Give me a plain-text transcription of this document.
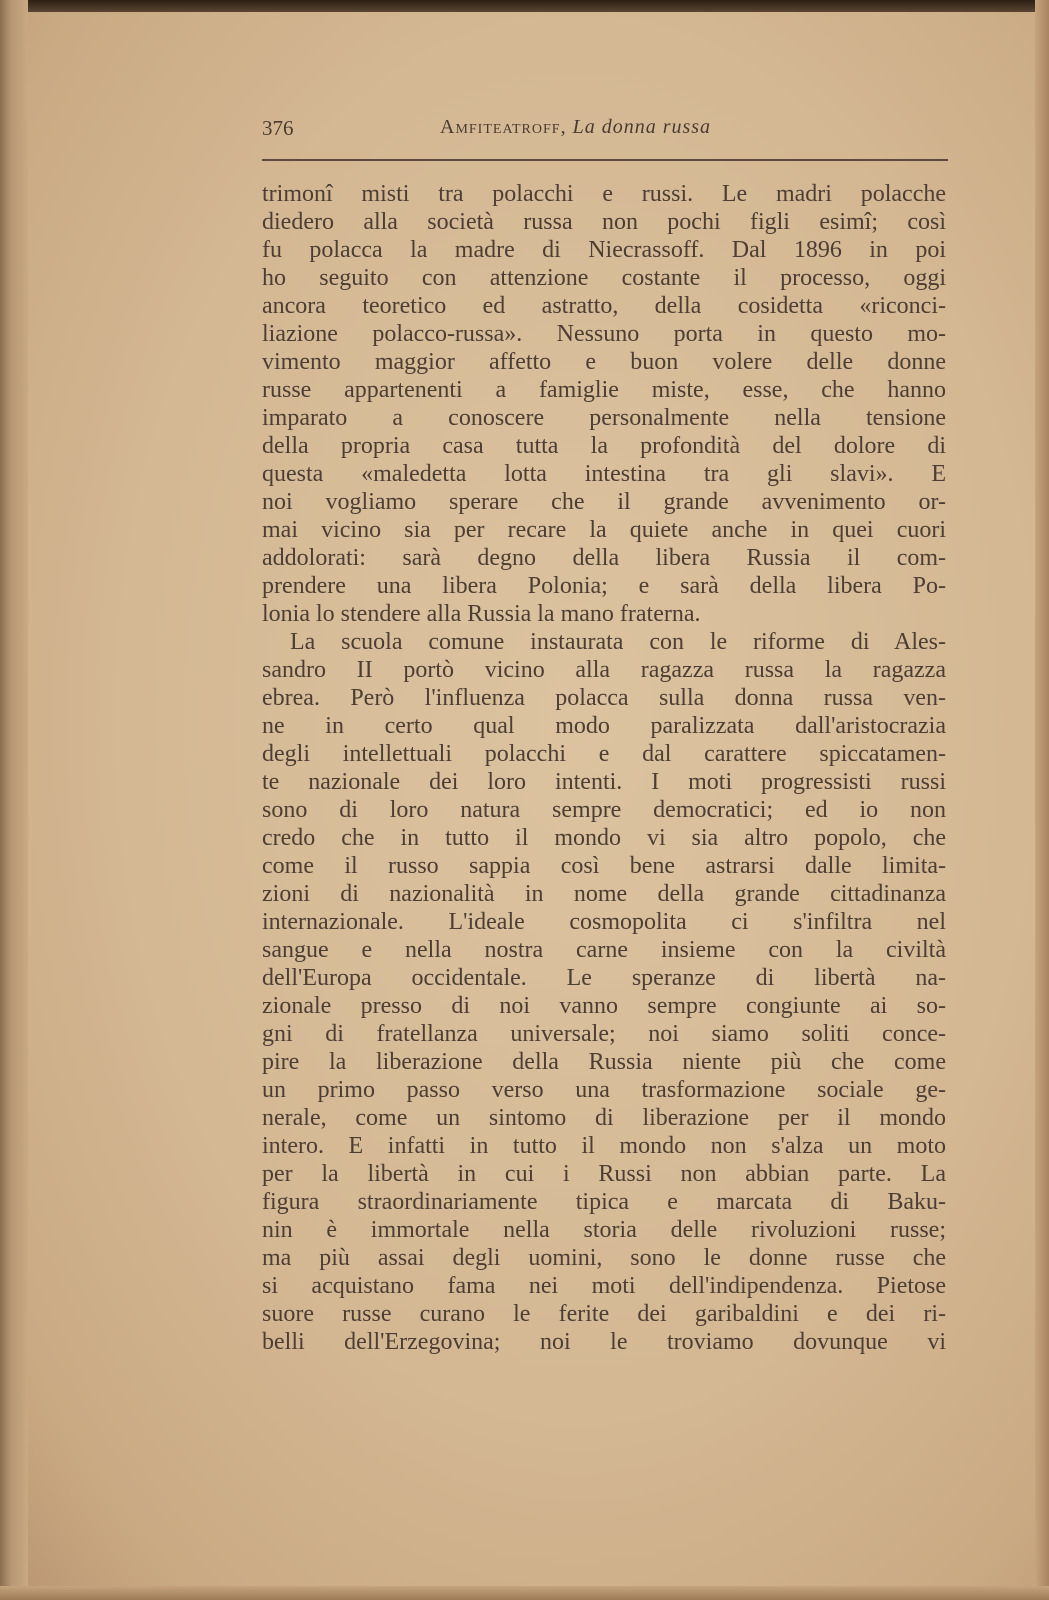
376	Amfiteatroff, La donna russa
trimonî misti tra polacchi e russi. Le madri polacche
diedero alla società russa non pochi figli esimî; così
fu polacca la madre di Niecrassoff. Dal 1896 in poi
ho seguito con attenzione costante il processo, oggi
ancora teoretico ed astratto, della cosidetta «riconci-
liazione polacco-russa». Nessuno porta in questo mo-
vimento maggior affetto e buon volere delle donne
russe appartenenti a famiglie miste, esse, che hanno
imparato a conoscere personalmente nella tensione
della propria casa tutta la profondità del dolore di
questa «maledetta lotta intestina tra gli slavi». E
noi vogliamo sperare che il grande avvenimento or-
mai vicino sia per recare la quiete anche in quei cuori
addolorati: sarà degno della libera Russia il com-
prendere una libera Polonia; e sarà della libera Po-
lonia lo stendere alla Russia la mano fraterna.
La scuola comune instaurata con le riforme di Ales-
sandro II portò vicino alla ragazza russa la ragazza
ebrea. Però l'influenza polacca sulla donna russa ven-
ne in certo qual modo paralizzata dall'aristocrazia
degli intellettuali polacchi e dal carattere spiccatamen-
te nazionale dei loro intenti. I moti progressisti russi
sono di loro natura sempre democratici; ed io non
credo che in tutto il mondo vi sia altro popolo, che
come il russo sappia così bene astrarsi dalle limita-
zioni di nazionalità in nome della grande cittadinanza
internazionale. L'ideale cosmopolita ci s'infiltra nel
sangue e nella nostra carne insieme con la civiltà
dell'Europa occidentale. Le speranze di libertà na-
zionale presso di noi vanno sempre congiunte ai so-
gni di fratellanza universale; noi siamo soliti conce-
pire la liberazione della Russia niente più che come
un primo passo verso una trasformazione sociale ge-
nerale, come un sintomo di liberazione per il mondo
intero. E infatti in tutto il mondo non s'alza un moto
per la libertà in cui i Russi non abbian parte. La
figura straordinariamente tipica e marcata di Baku-
nin è immortale nella storia delle rivoluzioni russe;
ma più assai degli uomini, sono le donne russe che
si acquistano fama nei moti dell'indipendenza. Pietose
suore russe curano le ferite dei garibaldini e dei ri-
belli dell'Erzegovina; noi le troviamo dovunque vi
